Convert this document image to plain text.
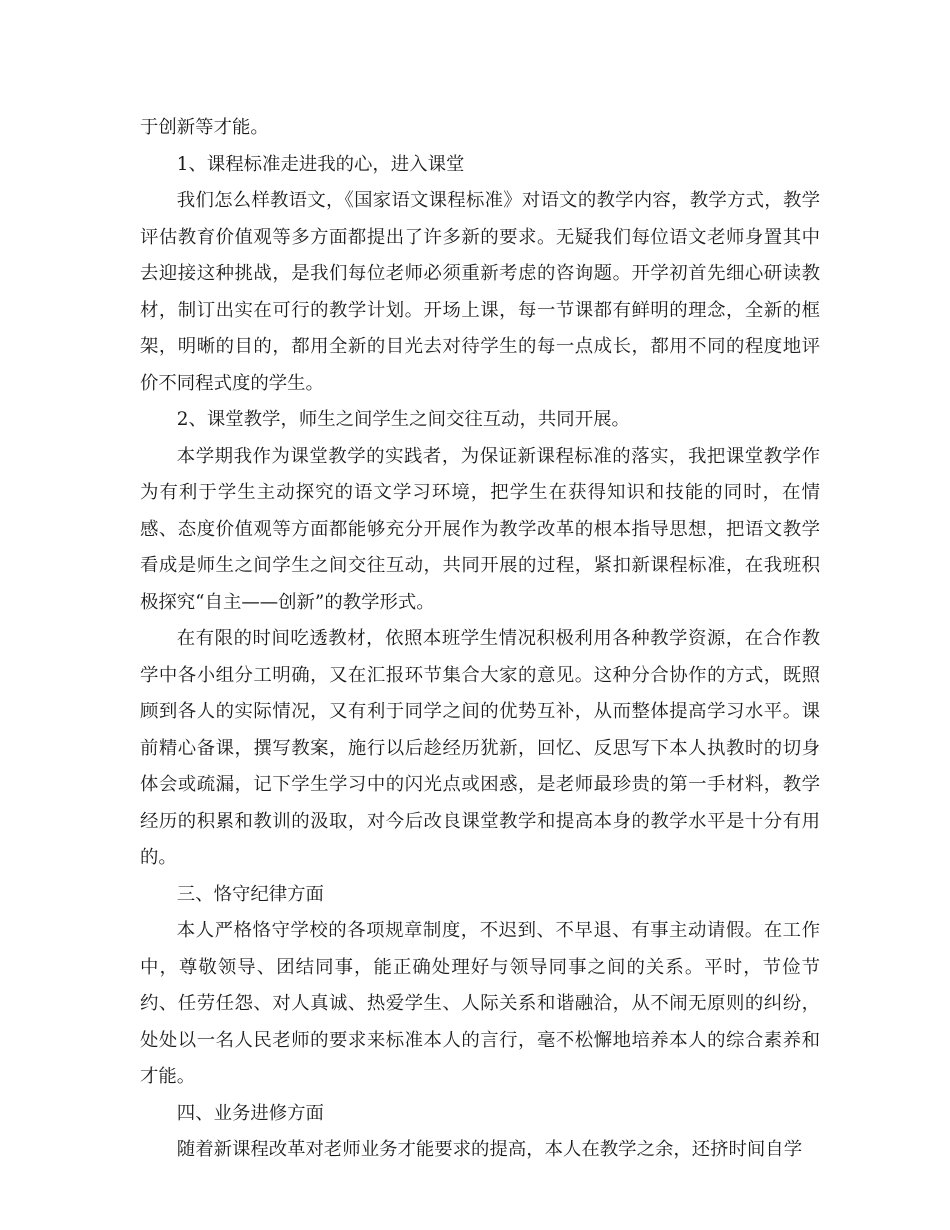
于创新等才能。

1、课程标准走进我的心，进入课堂

我们怎么样教语文，《国家语文课程标准》对语文的教学内容，教学方式，教学评估教育价值观等多方面都提出了许多新的要求。无疑我们每位语文老师身置其中去迎接这种挑战，是我们每位老师必须重新考虑的咨询题。开学初首先细心研读教材，制订出实在可行的教学计划。开场上课，每一节课都有鲜明的理念，全新的框架，明晰的目的，都用全新的目光去对待学生的每一点成长，都用不同的程度地评价不同程式度的学生。

2、课堂教学，师生之间学生之间交往互动，共同开展。

本学期我作为课堂教学的实践者，为保证新课程标准的落实，我把课堂教学作为有利于学生主动探究的语文学习环境，把学生在获得知识和技能的同时，在情感、态度价值观等方面都能够充分开展作为教学改革的根本指导思想，把语文教学看成是师生之间学生之间交往互动，共同开展的过程，紧扣新课程标准，在我班积极探究“自主——创新”的教学形式。

在有限的时间吃透教材，依照本班学生情况积极利用各种教学资源，在合作教学中各小组分工明确，又在汇报环节集合大家的意见。这种分合协作的方式，既照顾到各人的实际情况，又有利于同学之间的优势互补，从而整体提高学习水平。课前精心备课，撰写教案，施行以后趁经历犹新，回忆、反思写下本人执教时的切身体会或疏漏，记下学生学习中的闪光点或困惑，是老师最珍贵的第一手材料，教学经历的积累和教训的汲取，对今后改良课堂教学和提高本身的教学水平是十分有用的。

三、恪守纪律方面

本人严格恪守学校的各项规章制度，不迟到、不早退、有事主动请假。在工作中，尊敬领导、团结同事，能正确处理好与领导同事之间的关系。平时，节俭节约、任劳任怨、对人真诚、热爱学生、人际关系和谐融洽，从不闹无原则的纠纷，处处以一名人民老师的要求来标准本人的言行，毫不松懈地培养本人的综合素养和才能。

四、业务进修方面

随着新课程改革对老师业务才能要求的提高，本人在教学之余，还挤时间自学
